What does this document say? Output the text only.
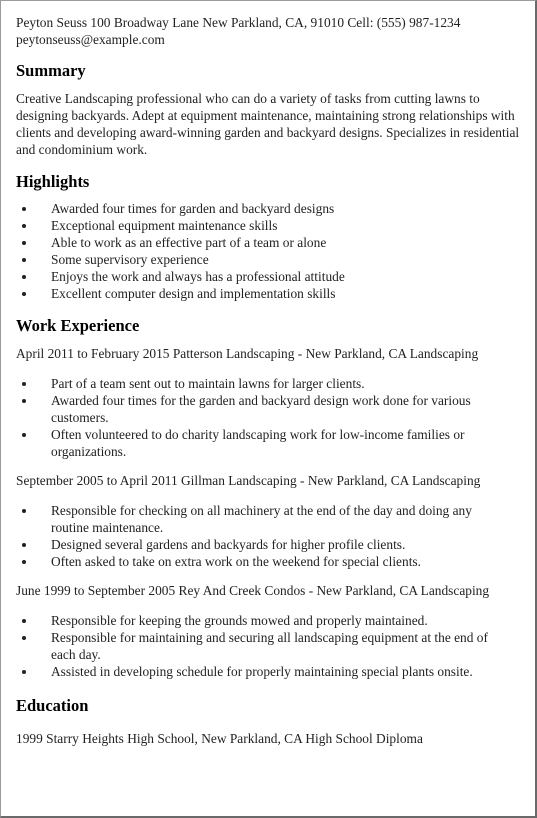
Peyton Seuss 100 Broadway Lane New Parkland, CA, 91010 Cell: (555) 987-1234

peytonseuss@example.com

Summary

Creative Landscaping professional who can do a variety of tasks from cutting lawns to designing backyards. Adept at equipment maintenance, maintaining strong relationships with clients and developing award-winning garden and backyard designs. Specializes in residential and condominium work.

Highlights
• Awarded four times for garden and backyard designs
• Exceptional equipment maintenance skills
• Able to work as an effective part of a team or alone
• Some supervisory experience
• Enjoys the work and always has a professional attitude
• Excellent computer design and implementation skills
Work Experience

April 2011 to February 2015 Patterson Landscaping - New Parkland, CA Landscaping

• Part of a team sent out to maintain lawns for larger clients.
• Awarded four times for the garden and backyard design work done for various customers.
• Often volunteered to do charity landscaping work for low-income families or organizations.

September 2005 to April 2011 Gillman Landscaping - New Parkland, CA Landscaping

• Responsible for checking on all machinery at the end of the day and doing any routine maintenance.
• Designed several gardens and backyards for higher profile clients.
• Often asked to take on extra work on the weekend for special clients.

June 1999 to September 2005 Rey And Creek Condos - New Parkland, CA Landscaping

• Responsible for keeping the grounds mowed and properly maintained.
• Responsible for maintaining and securing all landscaping equipment at the end of each day.
• Assisted in developing schedule for properly maintaining special plants onsite.
Education

1999 Starry Heights High School, New Parkland, CA High School Diploma
